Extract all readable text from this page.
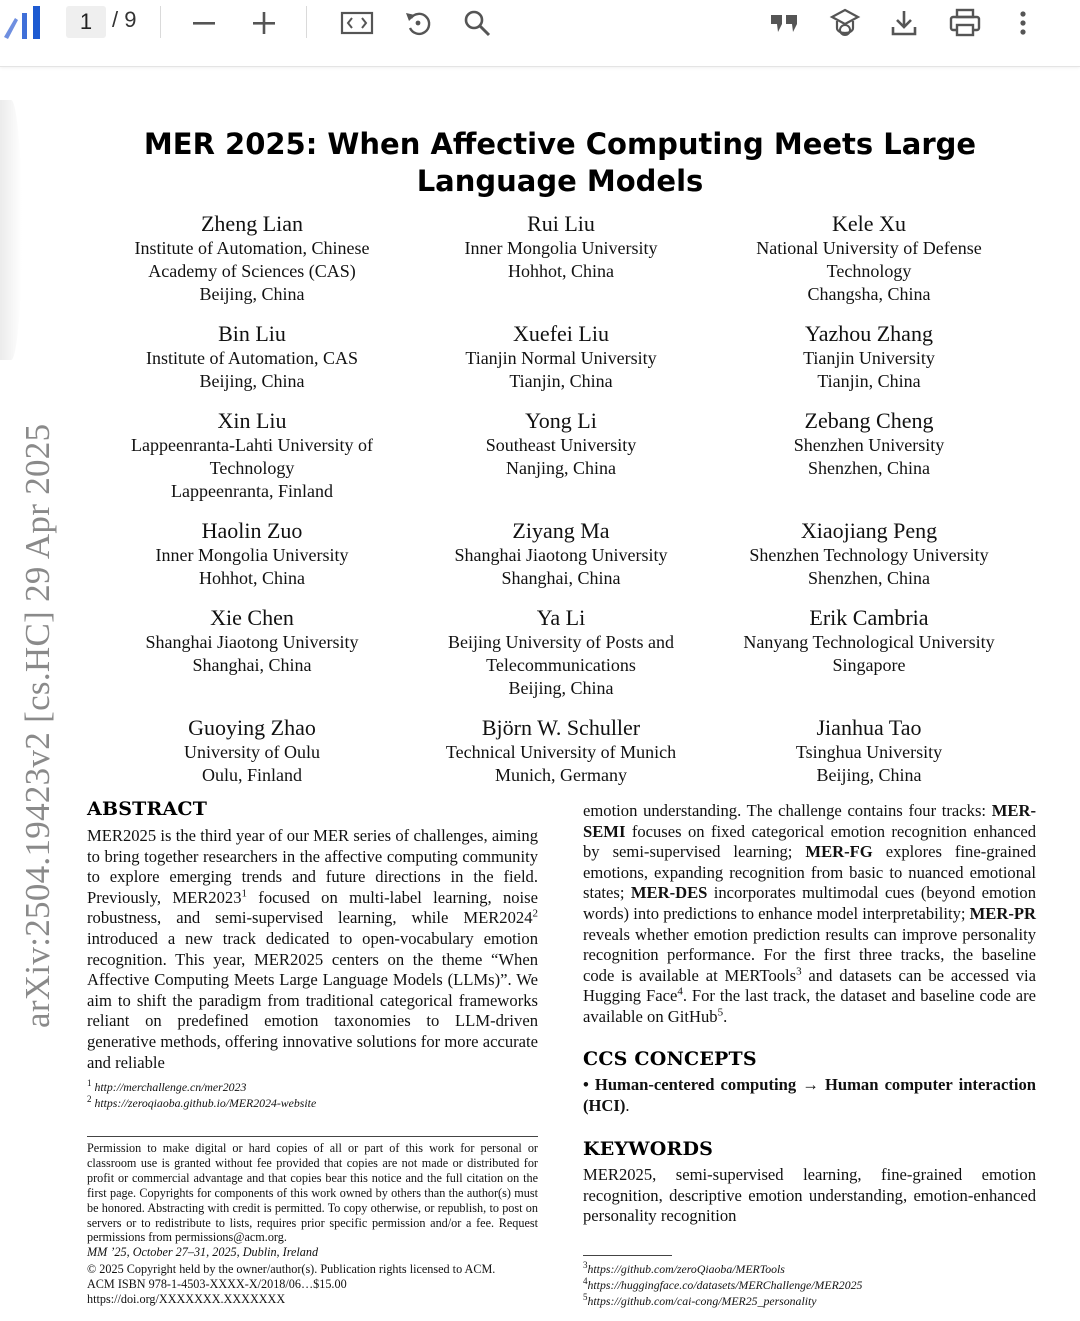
1 / 9
arXiv:2504.19423v2 [cs.HC] 29 Apr 2025
MER 2025: When Affective Computing Meets Large Language Models
Zheng Lian
Institute of Automation, Chinese
Academy of Sciences (CAS)
Beijing, China
Rui Liu
Inner Mongolia University
Hohhot, China
Kele Xu
National University of Defense
Technology
Changsha, China
Bin Liu
Institute of Automation, CAS
Beijing, China
Xuefei Liu
Tianjin Normal University
Tianjin, China
Yazhou Zhang
Tianjin University
Tianjin, China
Xin Liu
Lappeenranta-Lahti University of
Technology
Lappeenranta, Finland
Yong Li
Southeast University
Nanjing, China
Zebang Cheng
Shenzhen University
Shenzhen, China
Haolin Zuo
Inner Mongolia University
Hohhot, China
Ziyang Ma
Shanghai Jiaotong University
Shanghai, China
Xiaojiang Peng
Shenzhen Technology University
Shenzhen, China
Xie Chen
Shanghai Jiaotong University
Shanghai, China
Ya Li
Beijing University of Posts and
Telecommunications
Beijing, China
Erik Cambria
Nanyang Technological University
Singapore
Guoying Zhao
University of Oulu
Oulu, Finland
Björn W. Schuller
Technical University of Munich
Munich, Germany
Jianhua Tao
Tsinghua University
Beijing, China
ABSTRACT
MER2025 is the third year of our MER series of challenges, aiming to bring together researchers in the affective computing community to explore emerging trends and future directions in the field. Previously, MER2023$^1$ focused on multi-label learning, noise robustness, and semi-supervised learning, while MER2024$^2$ introduced a new track dedicated to open-vocabulary emotion recognition. This year, MER2025 centers on the theme “When Affective Computing Meets Large Language Models (LLMs)”. We aim to shift the paradigm from traditional categorical frameworks reliant on predefined emotion taxonomies to LLM-driven generative methods, offering innovative solutions for more accurate and reliable
$^1$ http://merchallenge.cn/mer2023
$^2$ https://zeroqiaoba.github.io/MER2024-website
Permission to make digital or hard copies of all or part of this work for personal or classroom use is granted without fee provided that copies are not made or distributed for profit or commercial advantage and that copies bear this notice and the full citation on the first page. Copyrights for components of this work owned by others than the author(s) must be honored. Abstracting with credit is permitted. To copy otherwise, or republish, to post on servers or to redistribute to lists, requires prior specific permission and/or a fee. Request permissions from permissions@acm.org.
MM ’25, October 27–31, 2025, Dublin, Ireland
© 2025 Copyright held by the owner/author(s). Publication rights licensed to ACM.
ACM ISBN 978-1-4503-XXXX-X/2018/06…$15.00
https://doi.org/XXXXXXX.XXXXXXX
emotion understanding. The challenge contains four tracks: MER-SEMI focuses on fixed categorical emotion recognition enhanced by semi-supervised learning; MER-FG explores fine-grained emotions, expanding recognition from basic to nuanced emotional states; MER-DES incorporates multimodal cues (beyond emotion words) into predictions to enhance model interpretability; MER-PR reveals whether emotion prediction results can improve personality recognition performance. For the first three tracks, the baseline code is available at MERTools$^3$ and datasets can be accessed via Hugging Face$^4$. For the last track, the dataset and baseline code are available on GitHub$^5$.
CCS CONCEPTS
• Human-centered computing → Human computer interaction (HCI).
KEYWORDS
MER2025, semi-supervised learning, fine-grained emotion recognition, descriptive emotion understanding, emotion-enhanced personality recognition
$^3$https://github.com/zeroQiaoba/MERTools
$^4$https://huggingface.co/datasets/MERChallenge/MER2025
$^5$https://github.com/cai-cong/MER25_personality
